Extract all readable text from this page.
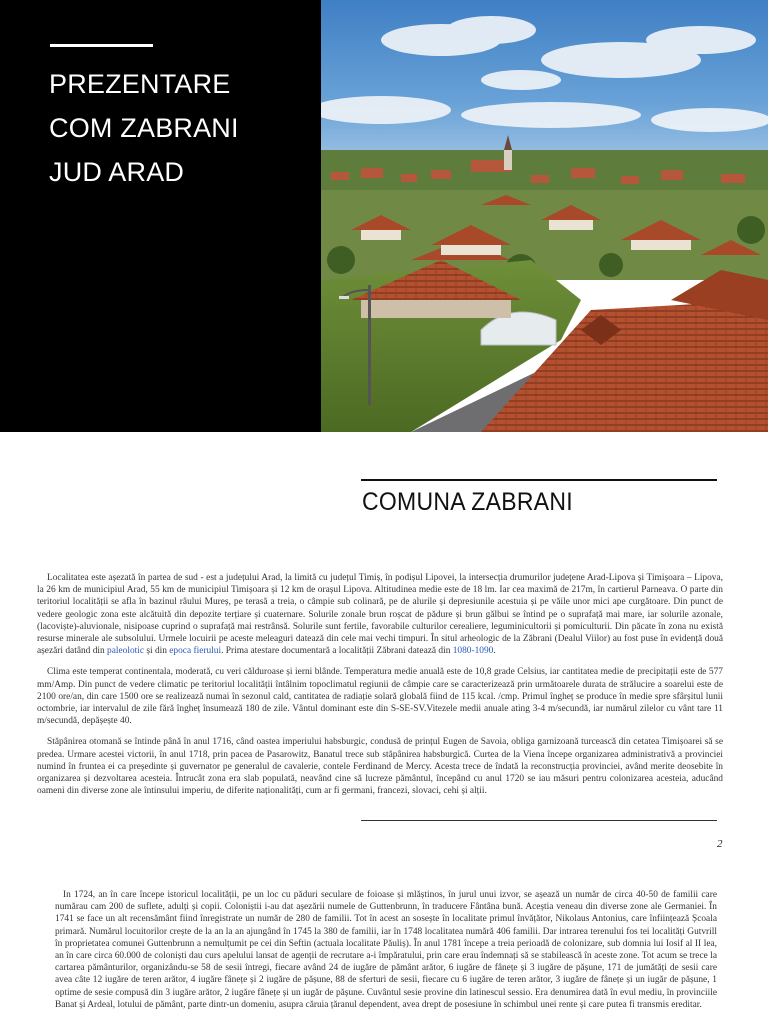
PREZENTARE
COM ZABRANI
JUD ARAD
COMUNA ZABRANI

Localitatea este așezată în partea de sud - est a județului Arad, la limită cu județul Timiș, în podișul Lipovei, la intersecția drumurilor județene Arad-Lipova și Timișoara – Lipova, la 26 km de municipiul Arad, 55 km de municipiul Timișoara și 12 km de orașul Lipova. Altitudinea medie este de 18 lm. Iar cea maximă de 217m, în cartierul Parneava. O parte din teritoriul localității se afla în bazinul râului Mureș, pe terasă a treia, o câmpie sub colinară, pe de alurile și depresiunile acestuia și pe văile unor mici ape curgătoare. Din punct de vedere geologic zona este alcătuită din depozite terțiare și cuaternare. Solurile zonale brun roșcat de pădure și brun gălbui se întind pe o suprafață mai mare, iar solurile azonale, (lacoviște)-aluvionale, nisipoase cuprind o suprafață mai restrânsă. Solurile sunt fertile, favorabile culturilor cerealiere, leguminicultorii și pomiculturii. Din păcate în zona nu există resurse minerale ale subsolului. Urmele locuirii pe aceste meleaguri datează din cele mai vechi timpuri. În situl arheologic de la Zăbrani (Dealul Viilor) au fost puse în evidență două așezări datând din paleolotic și din epoca fierului. Prima atestare documentară a localității Zăbrani datează din 1080-1090.

Clima este temperat continentala, moderată, cu veri călduroase și ierni blânde. Temperatura medie anuală este de 10,8 grade Celsius, iar cantitatea medie de precipitații este de 577 mm/Amp. Din punct de vedere climatic pe teritoriul localității întâlnim topoclimatul regiunii de câmpie care se caracterizează prin următoarele durata de strălucire a soarelui este de 2100 ore/an, din care 1500 ore se realizează numai în sezonul cald, cantitatea de radiație solară globală fiind de 115 kcal. /cmp. Primul îngheț se produce în medie spre sfârșitul lunii octombrie, iar intervalul de zile fără îngheț însumează 180 de zile. Vântul dominant este din S-SE-SV.Vitezele medii anuale ating 3-4 m/secundă, iar numărul zilelor cu vânt tare 11 m/secundă, depășește 40.

Stăpânirea otomană se întinde până în anul 1716, când oastea imperiului habsburgic, condusă de prințul Eugen de Savoia, obliga garnizoană turcească din cetatea Timișoarei să se predea. Urmare acestei victorii, în anul 1718, prin pacea de Pasarowitz, Banatul trece sub stăpânirea habsburgică. Curtea de la Viena începe organizarea administrativă a provinciei numind în fruntea ei ca președinte și guvernator pe generalul de cavalerie, contele Ferdinand de Mercy. Acesta trece de îndată la reconstrucția provinciei, având merite deosebite în organizarea și dezvoltarea acesteia. Întrucât zona era slab populată, neavând cine să lucreze pământul, începând cu anul 1720 se iau măsuri pentru colonizarea acesteia, aducând oameni din diverse zone ale întinsului imperiu, de diferite naționalități, cum ar fi germani, francezi, slovaci, cehi și alții.

2

In 1724, an în care începe istoricul localității, pe un loc cu păduri seculare de foioase și mlăștinos, în jurul unui izvor, se așează un număr de circa 40-50 de familii care numărau cam 200 de suflete, adulți și copii. Coloniștii i-au dat așezării numele de Guttenbrunn, în traducere Fântâna bună. Aceștia veneau din diverse zone ale Germaniei. În 1741 se face un alt recensământ fiind înregistrate un număr de 280 de familii. Tot în acest an sosește în localitate primul învățător, Nikolaus Antonius, care înființează Școala primară. Numărul locuitorilor crește de la an la an ajungând în 1745 la 380 de familii, iar în 1748 localitatea numără 406 familii. Dar intrarea terenului fos tei localități Gutvrill în proprietatea comunei Guttenbrunn a nemulțumit pe cei din Seftin (actuala localitate Păuliș). În anul 1781 începe a treia perioadă de colonizare, sub domnia lui Iosif al II lea, an în care circa 60.000 de coloniști dau curs apelului lansat de agenții de recrutare a-i împăratului, prin care erau îndemnați să se stabilească în aceste zone. Tot acum se trece la cartarea pământurilor, organizându-se 58 de sesii întregi, fiecare având 24 de iugăre de pământ arător, 6 iugăre de fânețe și 3 iugăre de pășune, 171 de jumătăți de sesii care avea câte 12 iugăre de teren arător, 4 iugăre fânețe și 2 iugăre de pășune, 88 de sferturi de sesii, fiecare cu 6 iugăre de teren arător, 3 iugăre de fânețe și un iugăr de pășune, 1 optime de sesie compusă din 3 iugăre arător, 2 iugăre fânețe și un iugăr de pășune. Cuvântul sesie provine din latinescul sessio. Era denumirea dată în evul mediu, în provinciile Banat și Ardeal, lotului de pământ, parte dintr-un domeniu, asupra căruia țăranul dependent, avea drept de posesiune în schimbul unei rente și care putea fi transmis ereditar.
